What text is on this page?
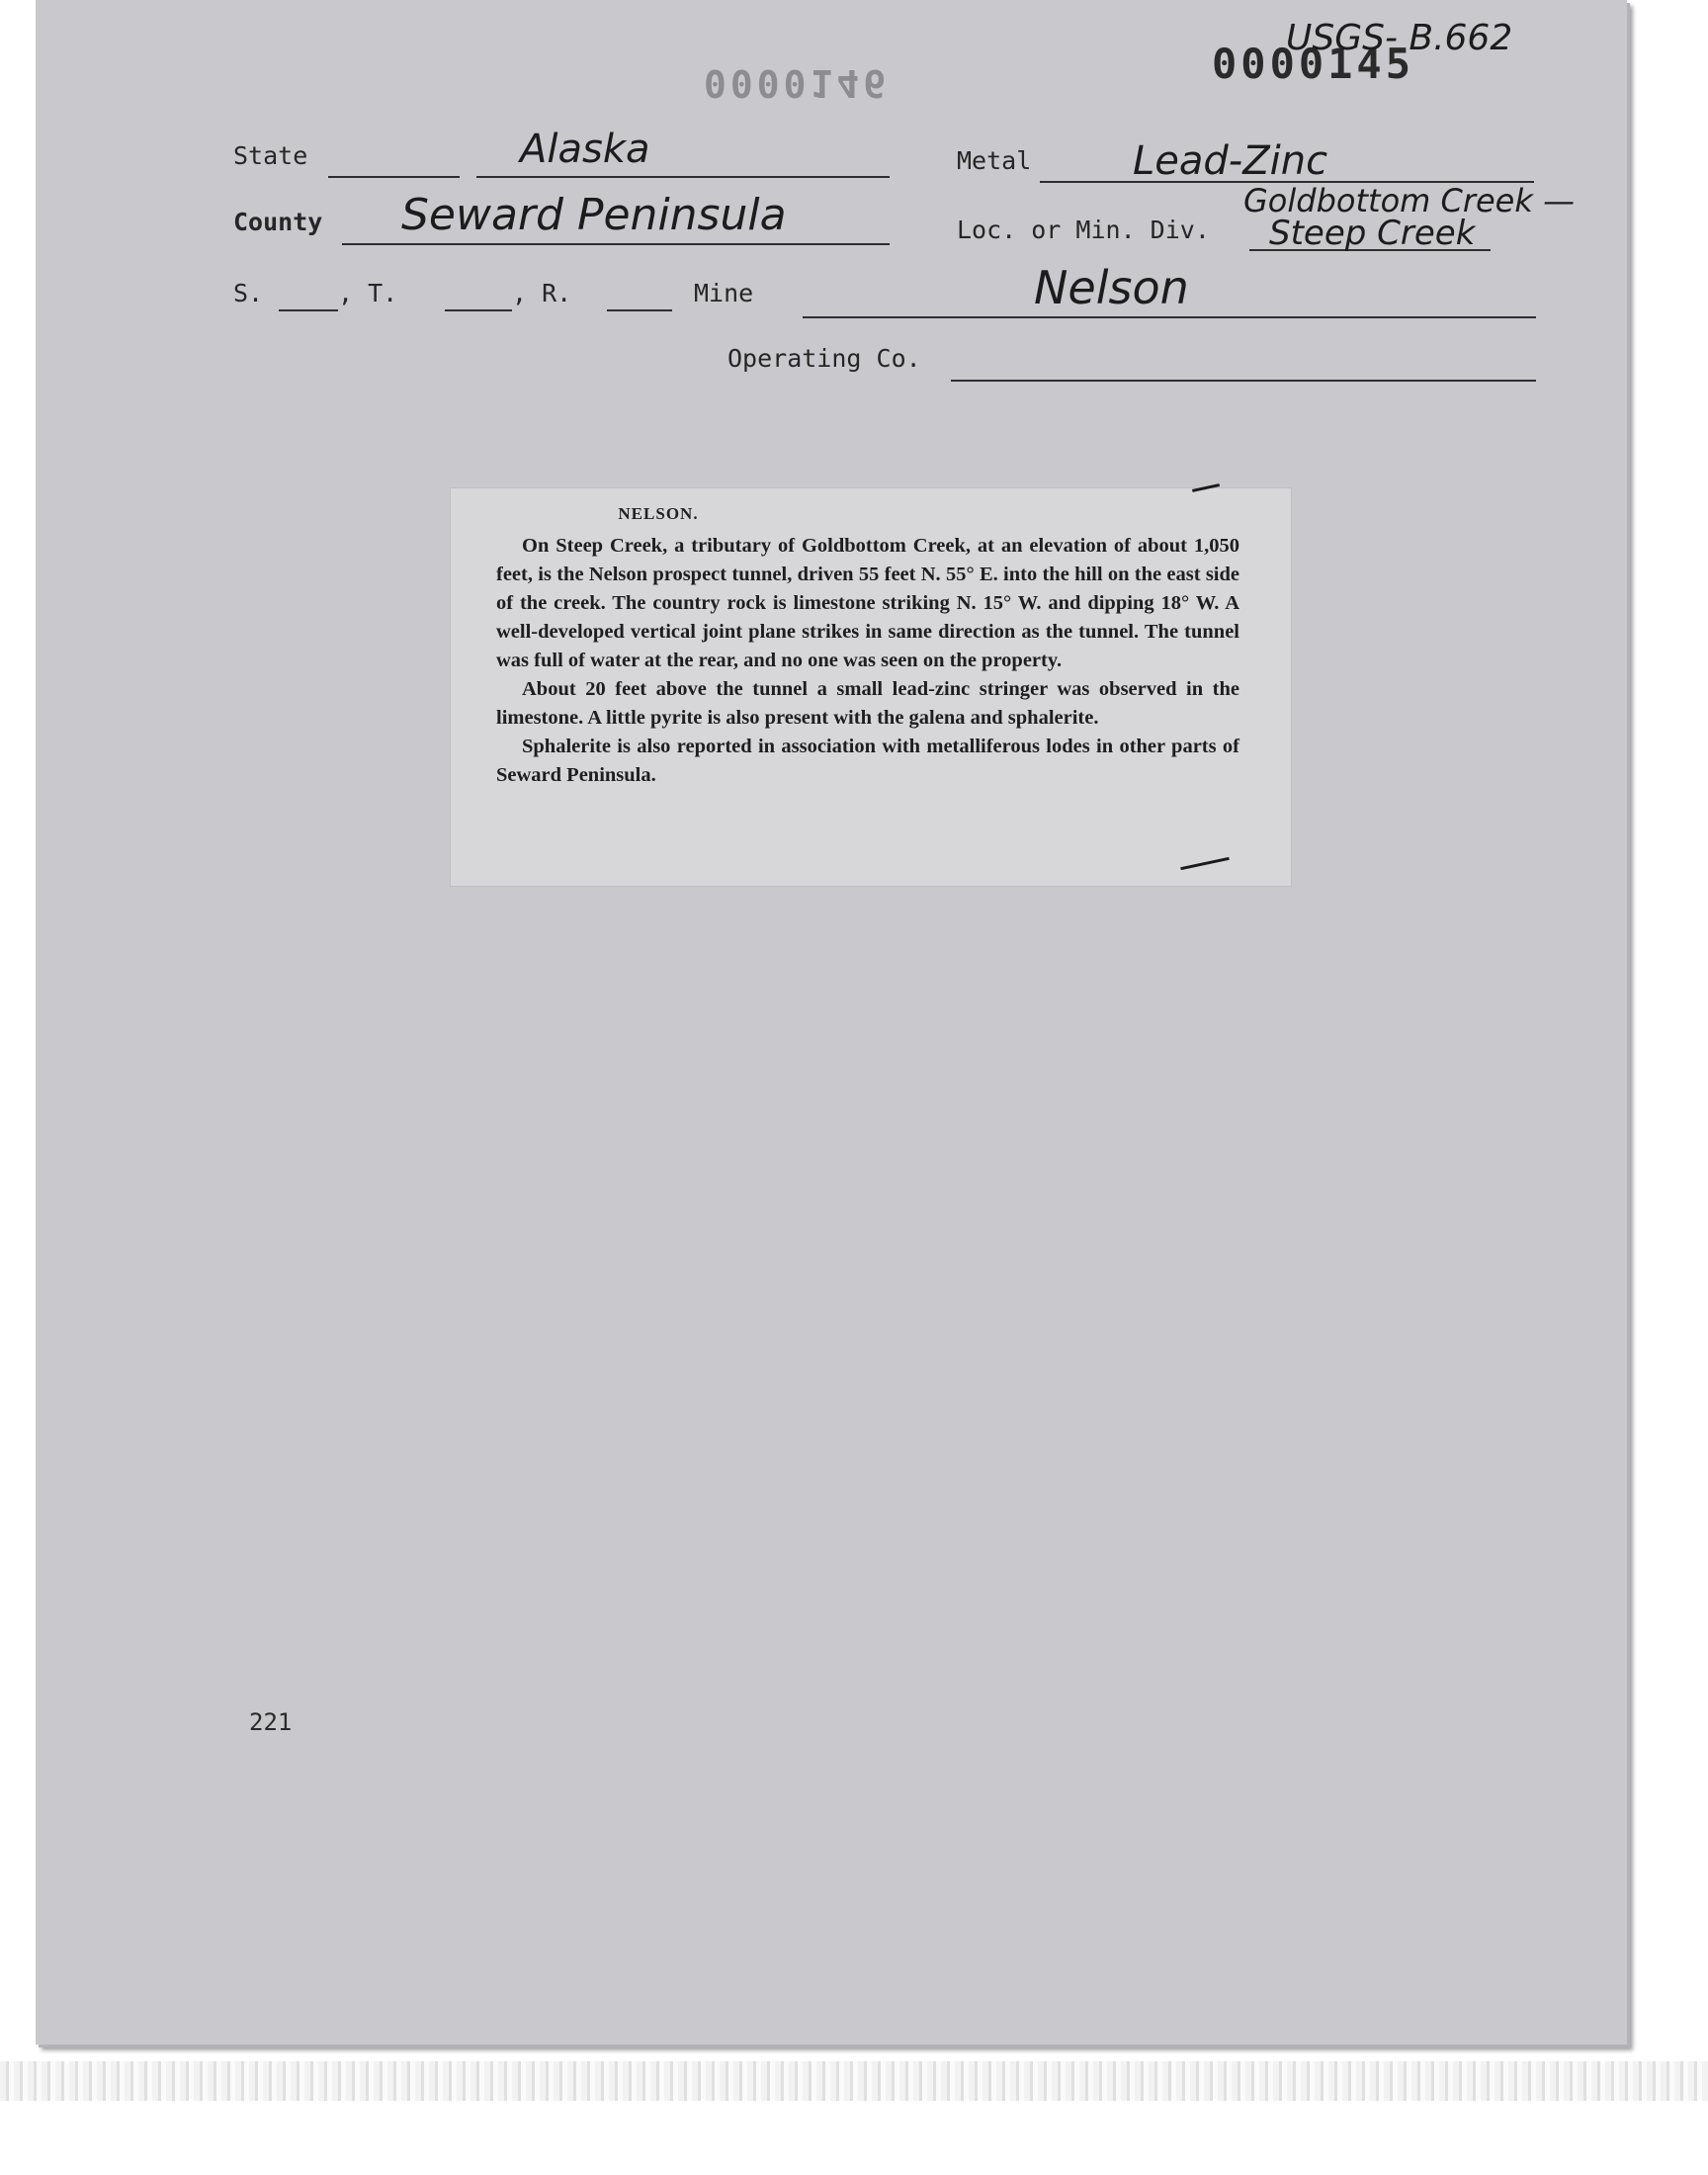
0000146	0000145
USGS- B.662
State	Alaska	Metal	Lead-Zinc
County Seward Peninsula	Loc. or Min. Div.
Goldbottom Creek —
Steep Creek
S.	, T.	, R.	Mine	Nelson
Operating Co.
NELSON.

On Steep Creek, a tributary of Goldbottom Creek, at an elevation of about 1,050 feet, is the Nelson prospect tunnel, driven 55 feet N. 55° E. into the hill on the east side of the creek. The country rock is limestone striking N. 15° W. and dipping 18° W. A well-developed vertical joint plane strikes in same direction as the tunnel. The tunnel was full of water at the rear, and no one was seen on the property.

About 20 feet above the tunnel a small lead-zinc stringer was observed in the limestone. A little pyrite is also present with the galena and sphalerite.

Sphalerite is also reported in association with metalliferous lodes in other parts of Seward Peninsula.

221
